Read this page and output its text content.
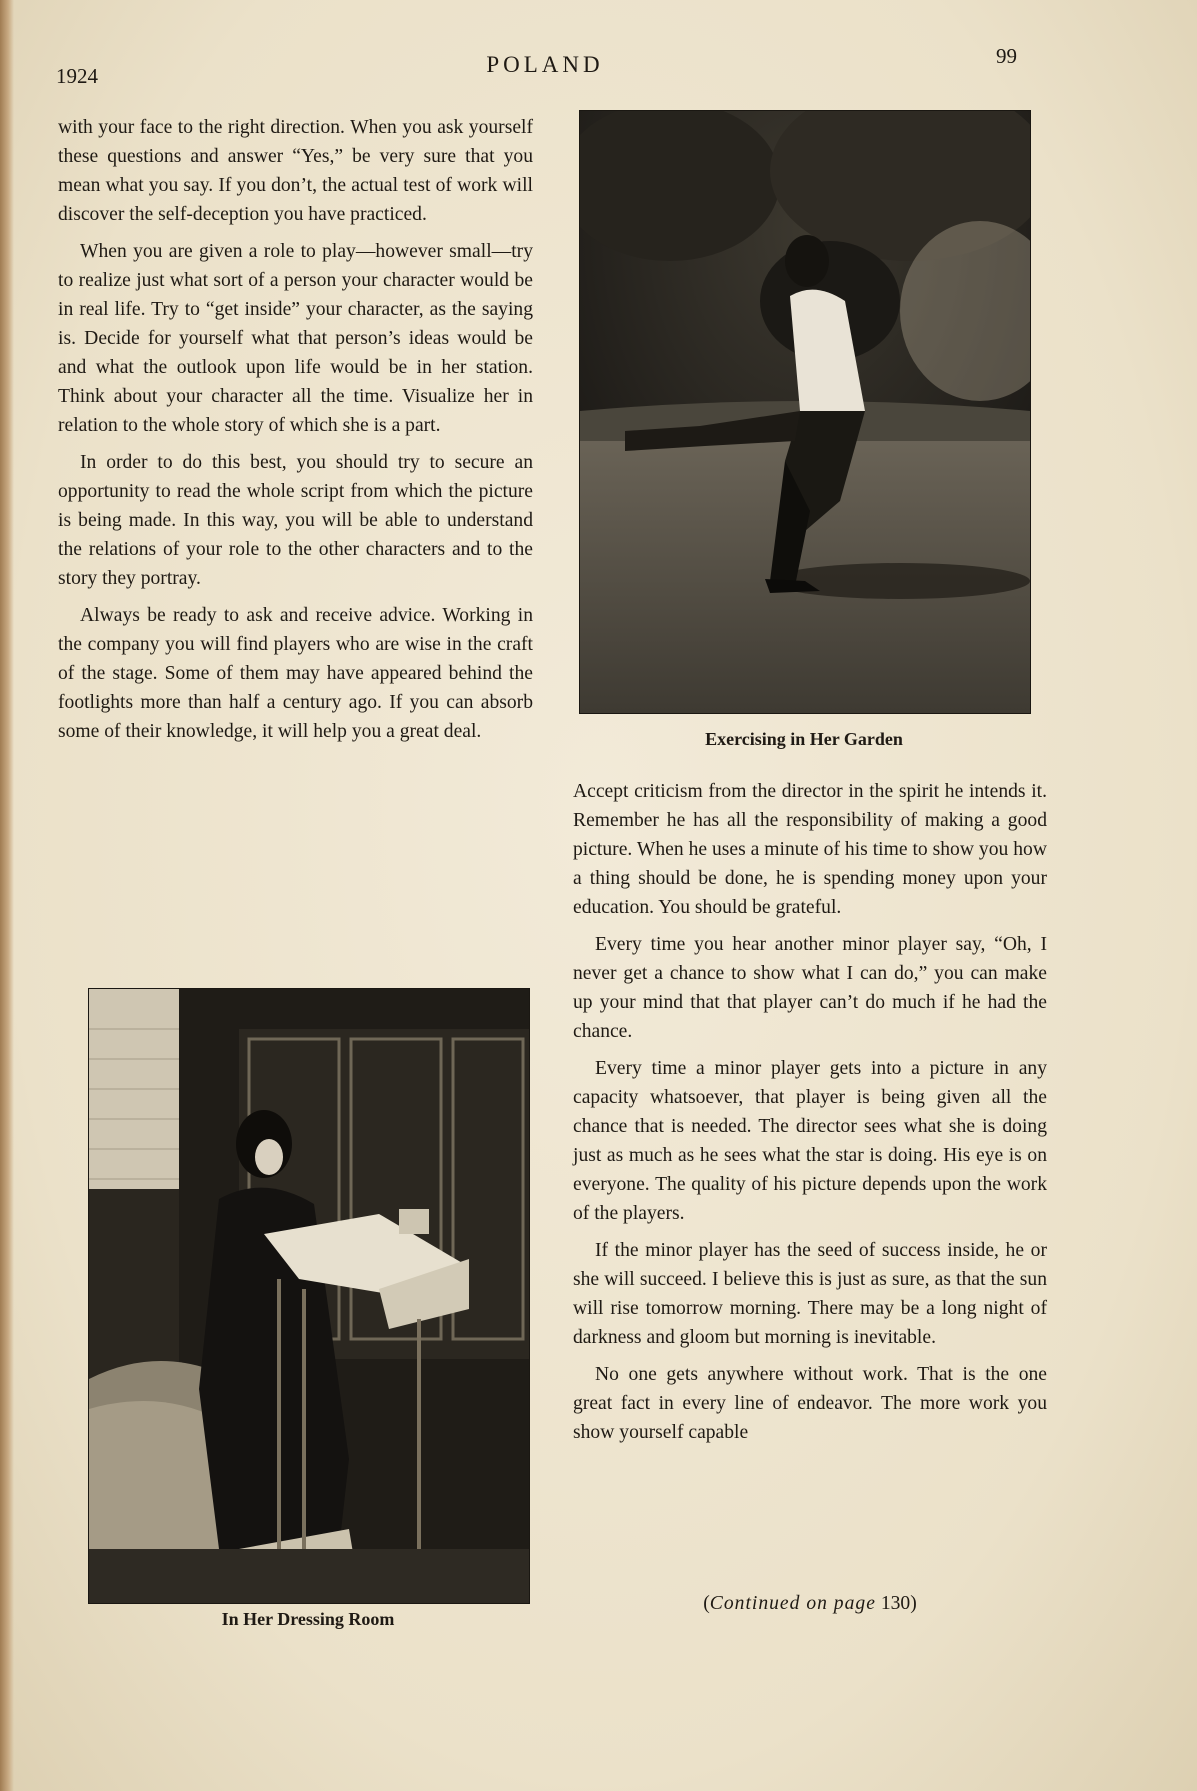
1924	POLAND	99

with your face to the right direction. When you ask yourself these questions and answer “Yes,” be very sure that you mean what you say. If you don’t, the actual test of work will discover the self-deception you have practiced.

When you are given a role to play—however small—try to realize just what sort of a person your character would be in real life. Try to “get inside” your character, as the saying is. Decide for yourself what that person’s ideas would be and what the outlook upon life would be in her station. Think about your character all the time. Visualize her in relation to the whole story of which she is a part.

In order to do this best, you should try to secure an opportunity to read the whole script from which the picture is being made. In this way, you will be able to understand the relations of your role to the other characters and to the story they portray.

Always be ready to ask and receive advice. Working in the company you will find players who are wise in the craft of the stage. Some of them may have appeared behind the footlights more than half a century ago. If you can absorb some of their knowledge, it will help you a great deal.	Exercising in Her Garden
In Her Dressing Room

Accept criticism from the director in the spirit he intends it. Remember he has all the responsibility of making a good picture. When he uses a minute of his time to show you how a thing should be done, he is spending money upon your education. You should be grateful.

Every time you hear another minor player say, “Oh, I never get a chance to show what I can do,” you can make up your mind that that player can’t do much if he had the chance.

Every time a minor player gets into a picture in any capacity whatsoever, that player is being given all the chance that is needed. The director sees what she is doing just as much as he sees what the star is doing. His eye is on everyone. The quality of his picture depends upon the work of the players.

If the minor player has the seed of success inside, he or she will succeed. I believe this is just as sure, as that the sun will rise tomorrow morning. There may be a long night of darkness and gloom but morning is inevitable.

No one gets anywhere without work. That is the one great fact in every line of endeavor. The more work you show yourself capable

(Continued on page 130)
